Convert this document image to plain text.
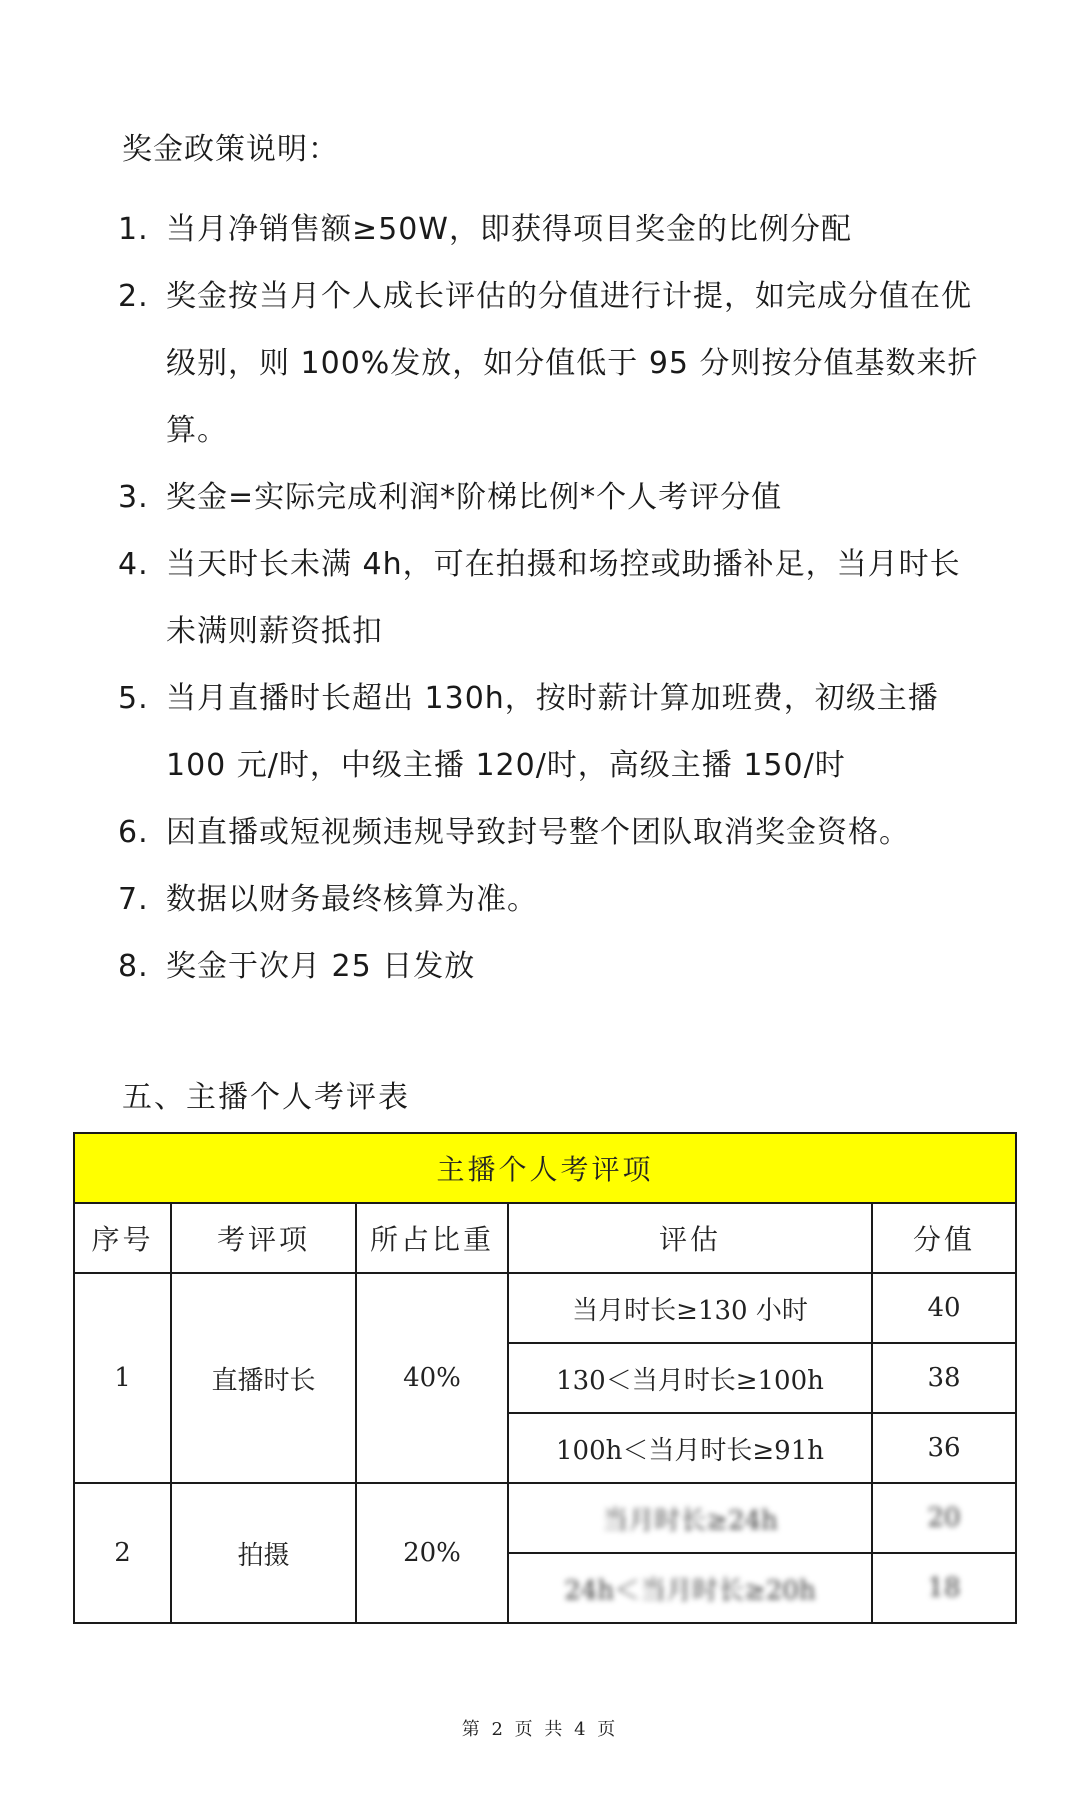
奖金政策说明：
1. 当月净销售额≥50W，即获得项目奖金的比例分配
2. 奖金按当月个人成长评估的分值进行计提，如完成分值在优级别，则 100%发放，如分值低于 95 分则按分值基数来折算。
3. 奖金=实际完成利润*阶梯比例*个人考评分值
4. 当天时长未满 4h，可在拍摄和场控或助播补足，当月时长未满则薪资抵扣
5. 当月直播时长超出 130h，按时薪计算加班费，初级主播 100 元/时，中级主播 120/时，高级主播 150/时
6. 因直播或短视频违规导致封号整个团队取消奖金资格。
7. 数据以财务最终核算为准。
8. 奖金于次月 25 日发放
五、主播个人考评表
主播个人考评项				
序号	考评项	所占比重	评估	分值
1	直播时长	40%	当月时长≥130 小时	40
			130＜当月时长≥100h	38
			100h＜当月时长≥91h	36
2	拍摄	20%	当月时长≥24h	20
			24h＜当月时长≥20h	18
第 2 页 共 4 页
